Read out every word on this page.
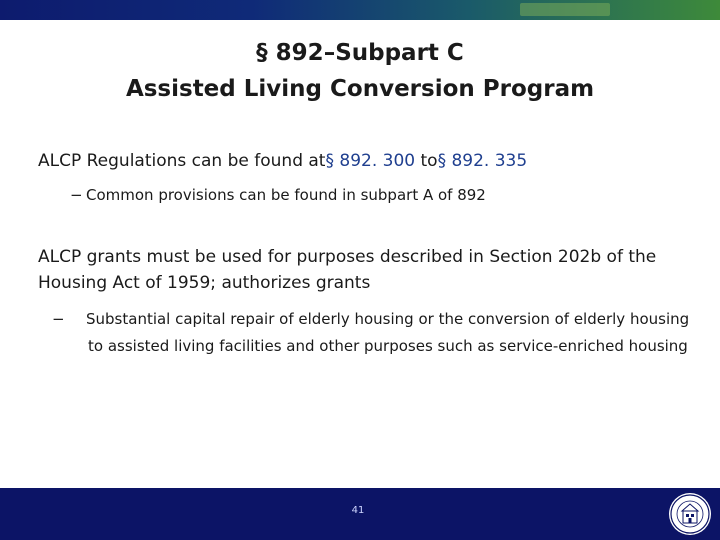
§ 892–Subpart C
Assisted Living Conversion Program
ALCP Regulations can be found at§ 892. 300 to§ 892. 335
− Common provisions can be found in subpart A of 892
ALCP grants must be used for purposes described in Section 202b of the Housing Act of 1959; authorizes grants
− Substantial capital repair of elderly housing or the conversion of elderly housing to assisted living facilities and other purposes such as service-enriched housing
41
